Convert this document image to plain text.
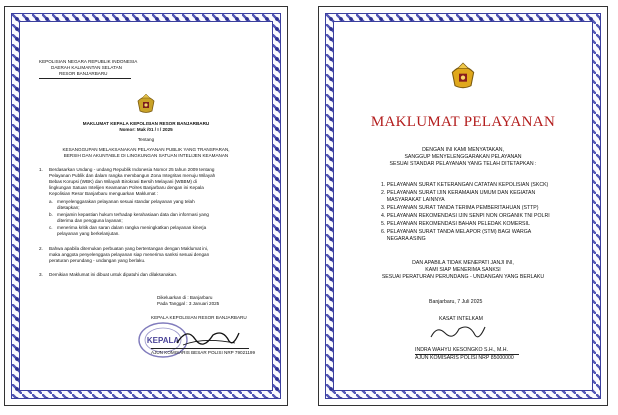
KEPOLISIAN NEGARA REPUBLIK INDONESIA
DAERAH KALIMANTAN SELATAN
RESOR BANJARBARU
MAKLUMAT KEPALA KEPOLISIAN RESOR BANJARBARU
Nomor: Mak /01 / I / 2025
Tentang
KESANGGUPAN MELAKSANAKAN PELAYANAN PUBLIK YANG TRANSPARAN,
BERSIH DAN AKUNTABLE DI LINGKUNGAN SATUAN INTELIJEN KEAMANAN
1. Berdasarkan Undang - undang Republik Indonesia Nomor 25 tahun 2009 tentang
Pelayanan Publik dan dalam rangka membangun Zona Integritas menuju Wilayah
Bebas Korupsi (WBK) dan Wilayah Birokrasi Bersih Melayani (WBBM) di
lingkungan Satuan Intelijen Keamanan Polres Banjarbaru dengan ini Kepala
Kepolisian Resor Banjarbaru menguarkan Maklumat :
a. menyelenggarakan pelayanan sesuai standar pelayanan yang telah
ditetapkan;
b. menjamin kepastian hukum terhadap kerahasiaan data dan informasi yang
diterima dan pengguna layanan;
c. menerima kritik dan saran dalam rangka meningkatkan pelayanan kinerja
pelayanan yang berkelanjutan.
2. Bahwa apabila ditemukan perbuatan yang bertentangan dengan Maklumat ini,
maka anggota penyelenggara pelayanan siap menerima sanksi sesuai dengan
peraturan perundang - undangan yang berlaku.
3. Demikian Maklumat ini dibuat untuk dipatuhi dan dilaksanakan.
Dikeluarkan di : Banjarbaru
Pada Tanggal : 3 Januari 2025
KEPALA KEPOLISIAN RESOR BANJARBARU
KEPALA
AJUN KOMISARIS BESAR POLISI NRP 79021199
MAKLUMAT PELAYANAN
DENGAN INI KAMI MENYATAKAN,
SANGGUP MENYELENGGARAKAN PELAYANAN
SESUAI STANDAR PELAYANAN YANG TELAH DITETAPKAN :
1. PELAYANAN SURAT KETERANGAN CATATAN KEPOLISIAN (SKCK)
2. PELAYANAN SURAT IJIN KERAMAIAN UMUM DAN KEGIATAN
MASYARAKAT LAINNYA
3. PELAYANAN SURAT TANDA TERIMA PEMBERITAHUAN (STTP)
4. PELAYANAN REKOMENDASI IJIN SENPI NON ORGANIK TNI POLRI
5. PELAYANAN REKOMENDASI BAHAN PELEDAK KOMERSIL
6. PELAYANAN SURAT TANDA MELAPOR (STM) BAGI WARGA
NEGARA ASING
DAN APABILA TIDAK MENEPATI JANJI INI,
KAMI SIAP MENERIMA SANKSI
SESUAI PERATURAN PERUNDANG - UNDANGAN YANG BERLAKU
Banjarbaru, 7 Juli 2025
KASAT INTELKAM
INDRA WAHYU KESONGKO S.H., M.H.
AJUN KOMISARIS POLISI NRP 85000000
